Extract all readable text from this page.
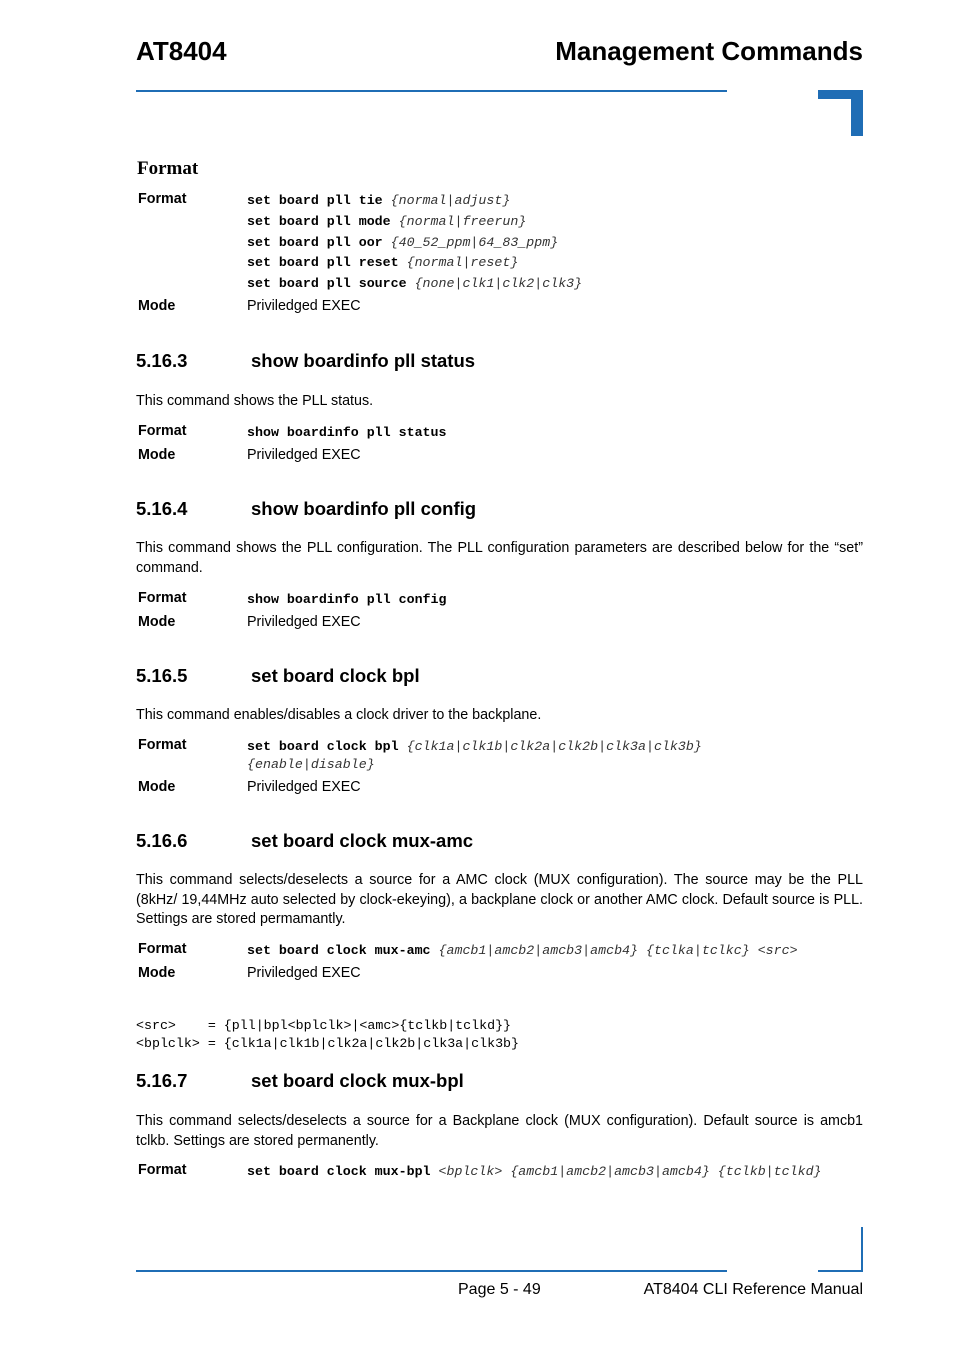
AT8404	Management Commands
Format
Format	set board pll tie {normal|adjust}
set board pll mode {normal|freerun}
set board pll oor {40_52_ppm|64_83_ppm}
set board pll reset {normal|reset}
set board pll source {none|clk1|clk2|clk3}
Mode	Priviledged EXEC
5.16.3	show boardinfo pll status
This command shows the PLL status.
Format	show boardinfo pll status
Mode	Priviledged EXEC
5.16.4	show boardinfo pll config
This command shows the PLL configuration. The PLL configuration parameters are described below for the “set” command.
Format	show boardinfo pll config
Mode	Priviledged EXEC
5.16.5	set board clock bpl
This command enables/disables a clock driver to the backplane.
Format	set board clock bpl {clk1a|clk1b|clk2a|clk2b|clk3a|clk3b}
{enable|disable}
Mode	Priviledged EXEC
5.16.6	set board clock mux-amc
This command selects/deselects a source for a AMC clock (MUX configuration). The source may be the PLL (8kHz/ 19,44MHz auto selected by clock-ekeying), a backplane clock or another AMC clock. Default source is PLL. Settings are stored permamantly.
Format	set board clock mux-amc {amcb1|amcb2|amcb3|amcb4} {tclka|tclkc} <src>
Mode	Priviledged EXEC
<src>    = {pll|bpl<bplclk>|<amc>{tclkb|tclkd}}
<bplclk> = {clk1a|clk1b|clk2a|clk2b|clk3a|clk3b}
5.16.7	set board clock mux-bpl
This command selects/deselects a source for a Backplane clock (MUX configuration). Default source is amcb1 tclkb. Settings are stored permanently.
Format	set board clock mux-bpl <bplclk> {amcb1|amcb2|amcb3|amcb4} {tclkb|tclkd}
Page 5 - 49	AT8404 CLI Reference Manual
